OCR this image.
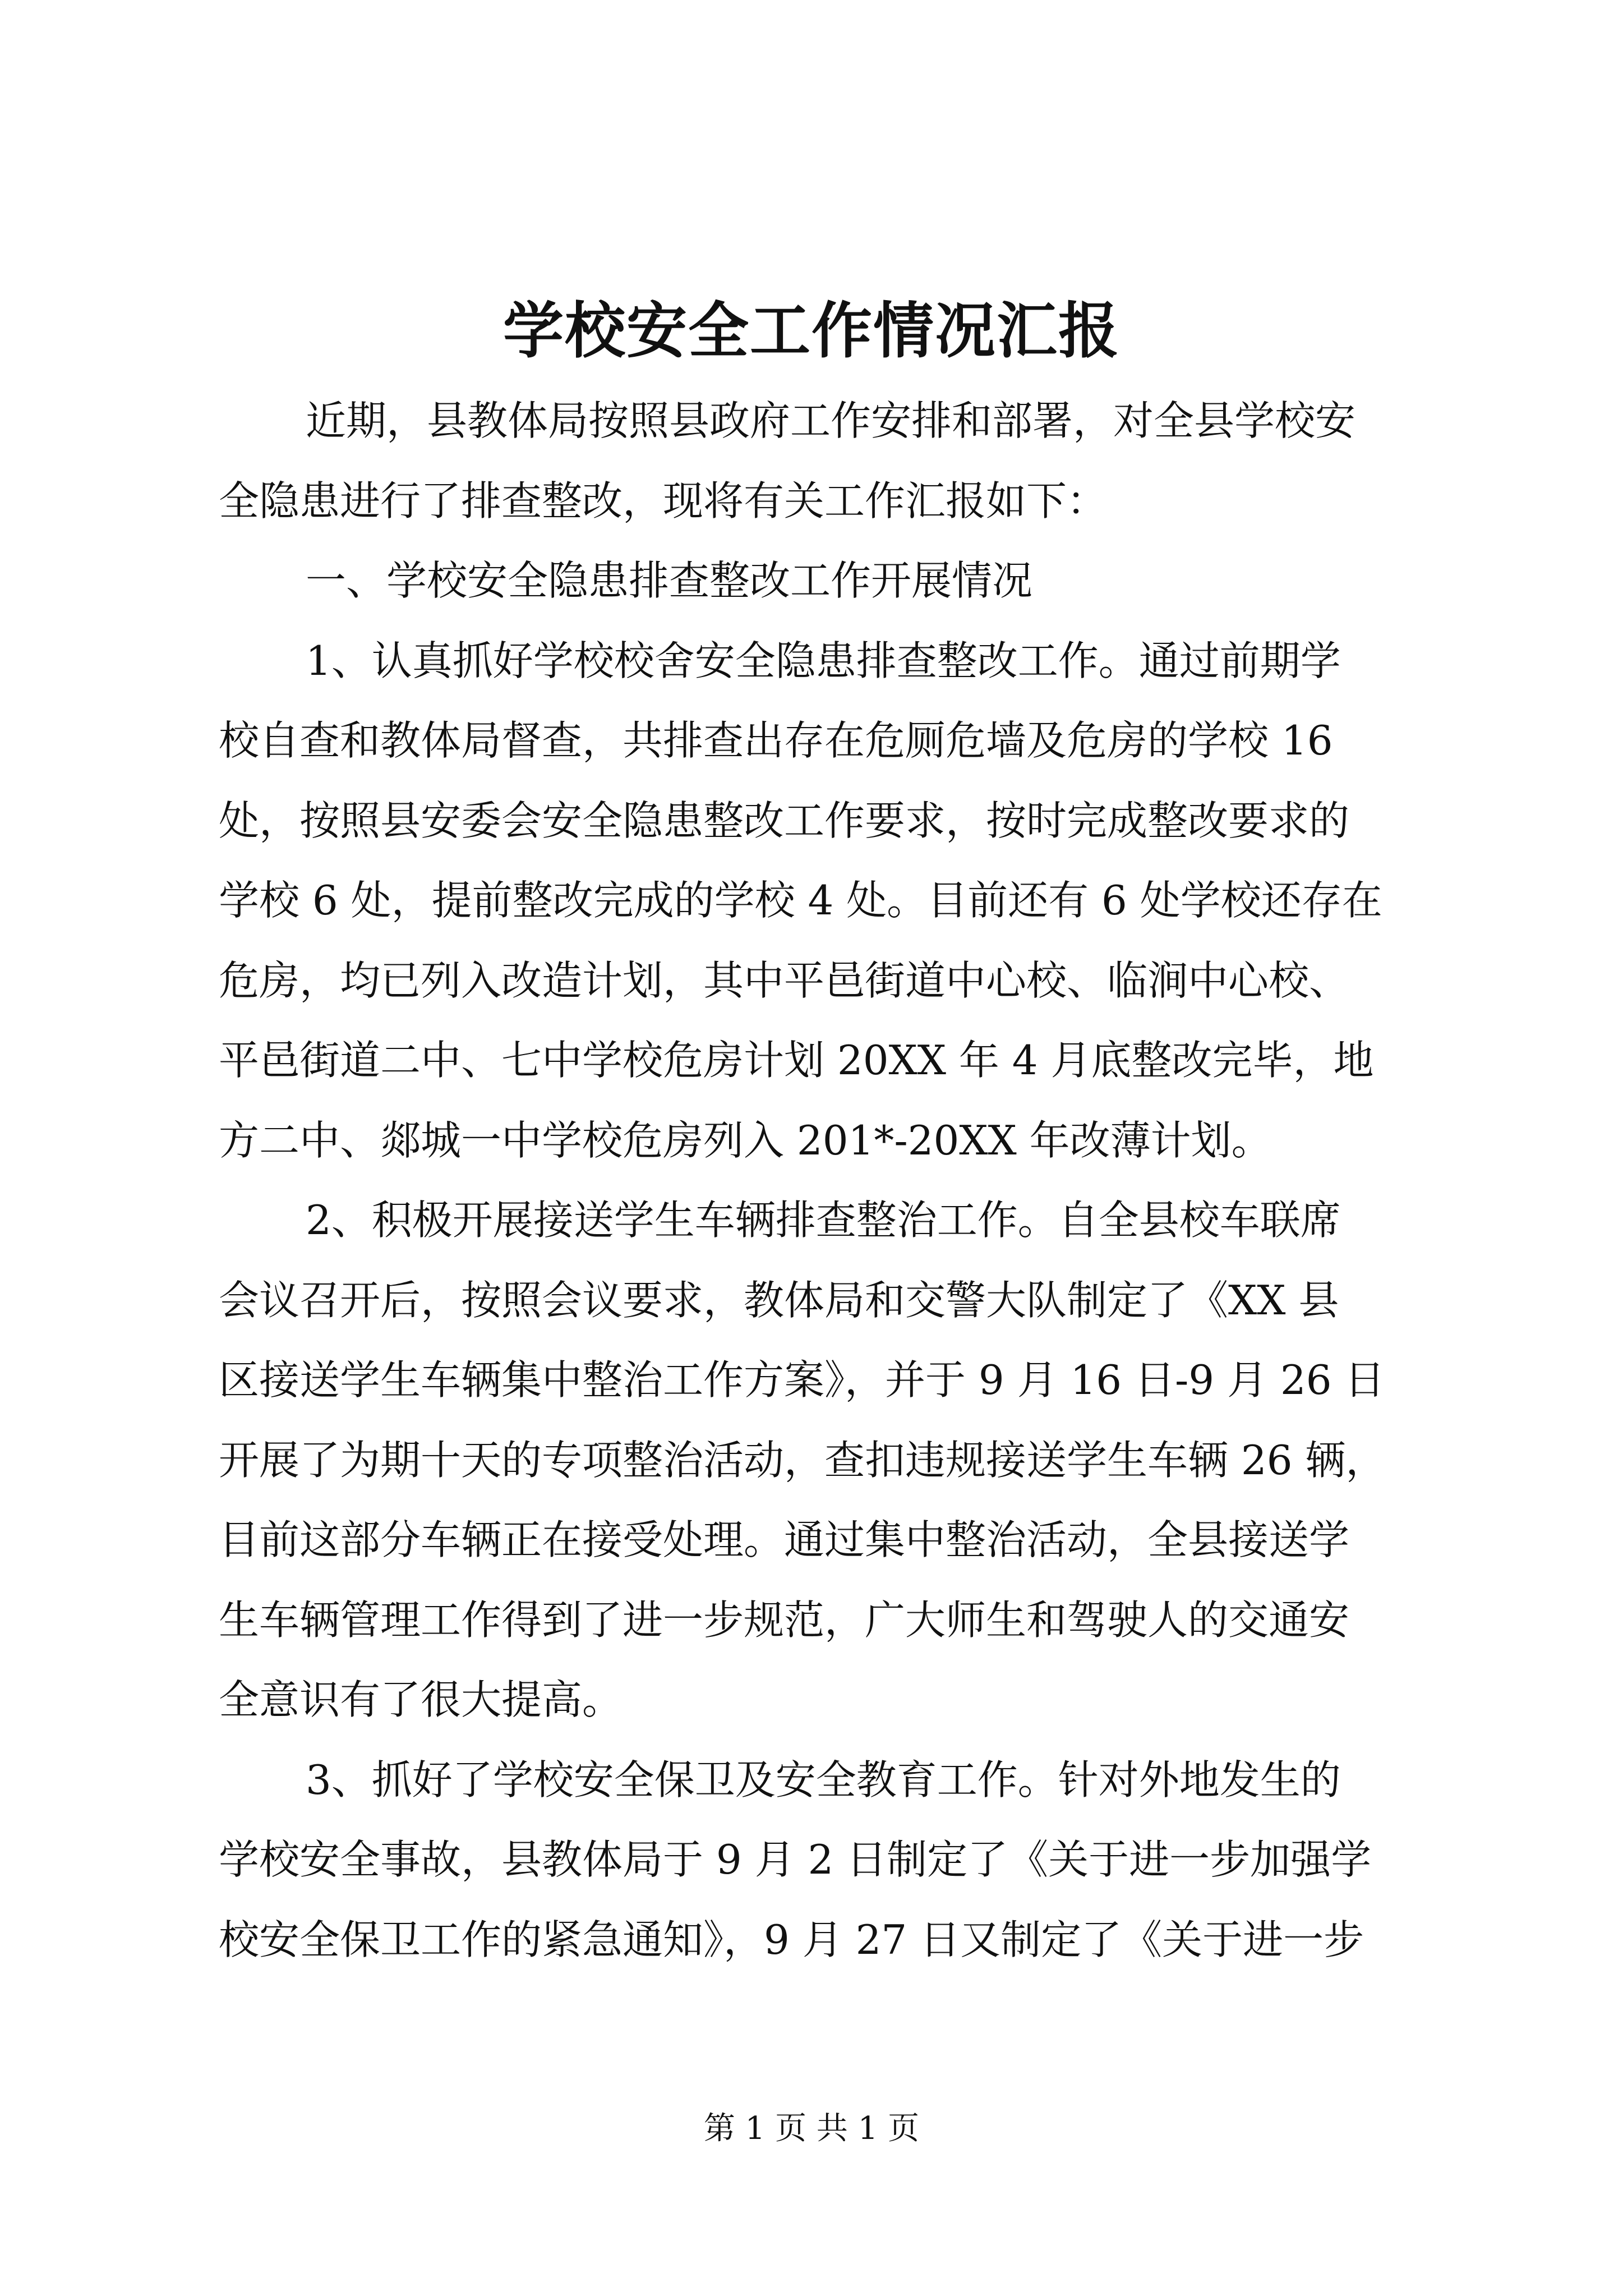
学校安全工作情况汇报

近期，县教体局按照县政府工作安排和部署，对全县学校安

全隐患进行了排查整改，现将有关工作汇报如下：

一、学校安全隐患排查整改工作开展情况

1、认真抓好学校校舍安全隐患排查整改工作。通过前期学

校自查和教体局督查，共排查出存在危厕危墙及危房的学校 16

处，按照县安委会安全隐患整改工作要求，按时完成整改要求的

学校 6 处，提前整改完成的学校 4 处。目前还有 6 处学校还存在

危房，均已列入改造计划，其中平邑街道中心校、临涧中心校、

平邑街道二中、七中学校危房计划 20XX 年 4 月底整改完毕，地

方二中、郯城一中学校危房列入 201*-20XX 年改薄计划。

2、积极开展接送学生车辆排查整治工作。自全县校车联席

会议召开后，按照会议要求，教体局和交警大队制定了《XX 县

区接送学生车辆集中整治工作方案》，并于 9 月 16 日-9 月 26 日

开展了为期十天的专项整治活动，查扣违规接送学生车辆 26 辆，

目前这部分车辆正在接受处理。通过集中整治活动，全县接送学

生车辆管理工作得到了进一步规范，广大师生和驾驶人的交通安

全意识有了很大提高。

3、抓好了学校安全保卫及安全教育工作。针对外地发生的

学校安全事故，县教体局于 9 月 2 日制定了《关于进一步加强学

校安全保卫工作的紧急通知》，9 月 27 日又制定了《关于进一步

第 1 页 共 1 页
